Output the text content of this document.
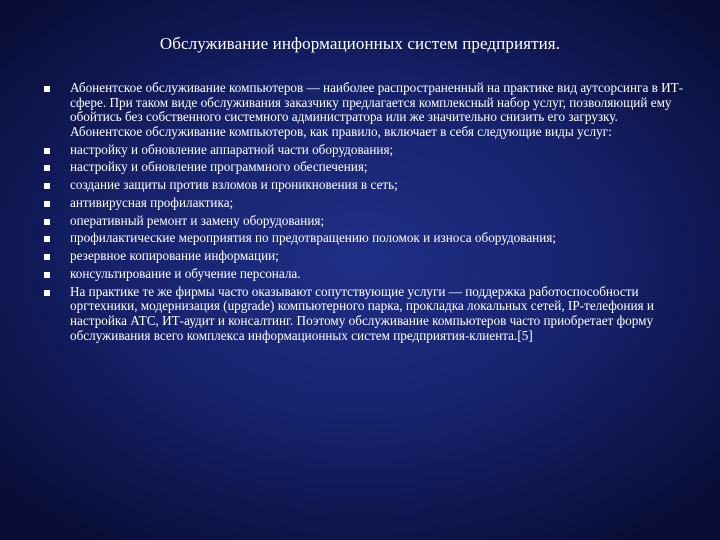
Обслуживание информационных систем предприятия.
Абонентское обслуживание компьютеров — наиболее распространенный на практике вид аутсорсинга в ИТ-сфере. При таком виде обслуживания заказчику предлагается комплексный набор услуг, позволяющий ему обойтись без собственного системного администратора или же значительно снизить его загрузку. Абонентское обслуживание компьютеров, как правило, включает в себя следующие виды услуг:
настройку и обновление аппаратной части оборудования;
настройку и обновление программного обеспечения;
создание защиты против взломов и проникновения в сеть;
антивирусная профилактика;
оперативный ремонт и замену оборудования;
профилактические мероприятия по предотвращению поломок и износа оборудования;
резервное копирование информации;
консультирование и обучение персонала.
На практике те же фирмы часто оказывают сопутствующие услуги — поддержка работоспособности оргтехники, модернизация (upgrade) компьютерного парка, прокладка локальных сетей, IP-телефония и настройка АТС, ИТ-аудит и консалтинг. Поэтому обслуживание компьютеров часто приобретает форму обслуживания всего комплекса информационных систем предприятия-клиента.[5]
